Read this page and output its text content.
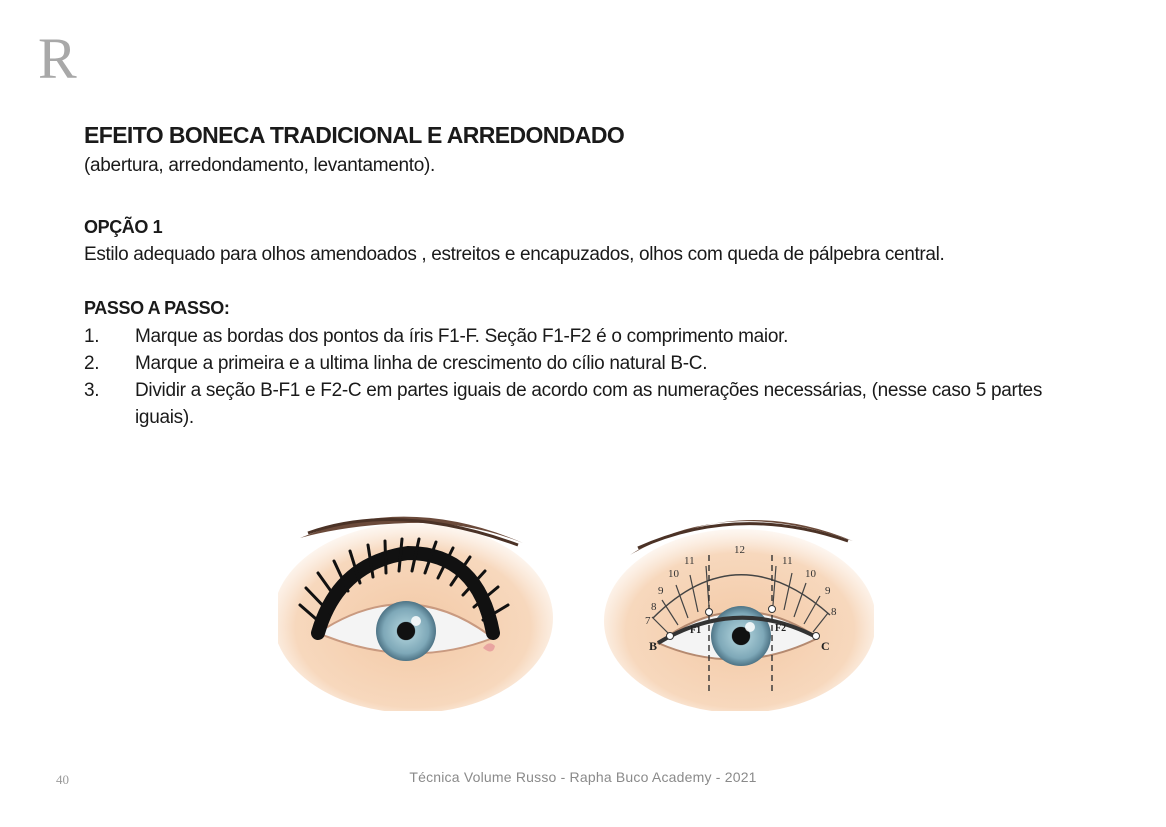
R
EFEITO BONECA TRADICIONAL E ARREDONDADO

(abertura, arredondamento, levantamento).

OPÇÃO 1

Estilo adequado para olhos amendoados , estreitos e encapuzados, olhos com queda de pálpebra central.

PASSO A PASSO:
1. Marque as bordas dos pontos da íris F1-F. Seção F1-F2 é o comprimento maior.
2. Marque a primeira e a ultima linha de crescimento do cílio natural B-C.
3. Dividir a seção B-F1 e F2-C em partes iguais de acordo com as numerações necessárias, (nesse caso 5 partes iguais).
7
8
9
10
11
12
11
10
9
8
B	C
F1	F2
Técnica Volume Russo - Rapha Buco Academy - 2021
40
